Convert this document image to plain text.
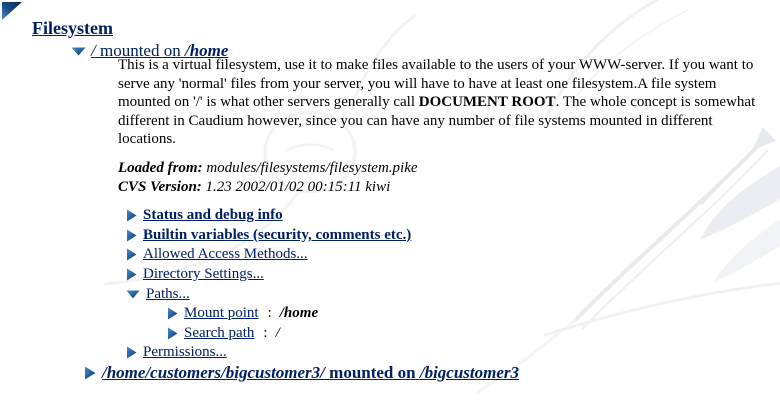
Filesystem
/ mounted on /home
This is a virtual filesystem, use it to make files available to the users of your WWW-server. If you want to serve any 'normal' files from your server, you will have to have at least one filesystem.A file system mounted on '/' is what other servers generally call DOCUMENT ROOT. The whole concept is somewhat different in Caudium however, since you can have any number of file systems mounted in different locations.
Loaded from: modules/filesystems/filesystem.pike
CVS Version: 1.23 2002/01/02 00:15:11 kiwi
Status and debug info
Builtin variables (security, comments etc.)
Allowed Access Methods...
Directory Settings...
Paths...
Mount point : /home
Search path : /
Permissions...
/home/customers/bigcustomer3/ mounted on /bigcustomer3
